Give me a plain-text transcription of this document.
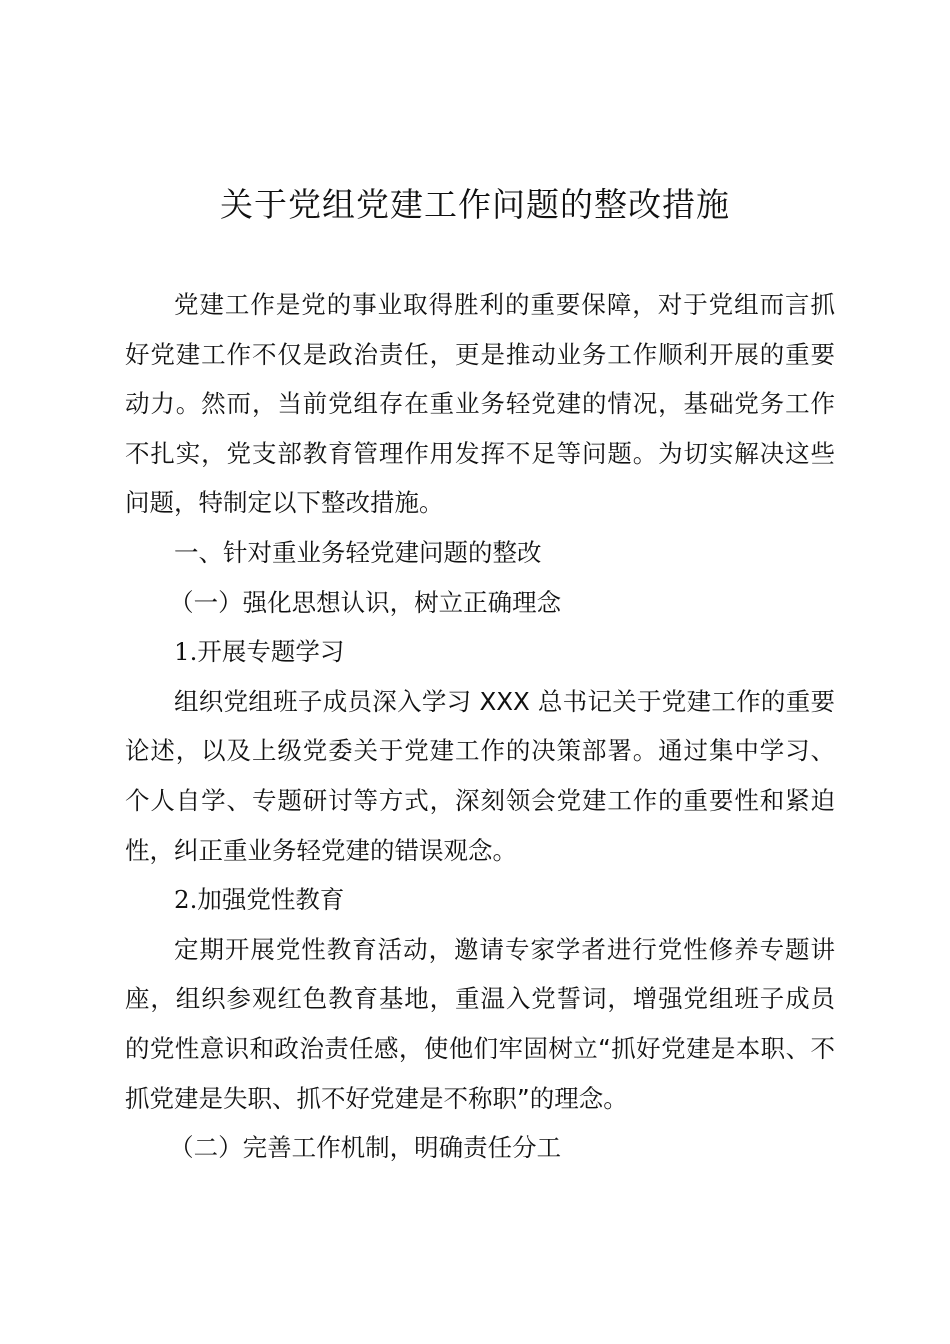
关于党组党建工作问题的整改措施

党建工作是党的事业取得胜利的重要保障，对于党组而言抓好党建工作不仅是政治责任，更是推动业务工作顺利开展的重要动力。然而，当前党组存在重业务轻党建的情况，基础党务工作不扎实，党支部教育管理作用发挥不足等问题。为切实解决这些问题，特制定以下整改措施。

一、针对重业务轻党建问题的整改

（一）强化思想认识，树立正确理念

1.开展专题学习

组织党组班子成员深入学习 XXX 总书记关于党建工作的重要论述，以及上级党委关于党建工作的决策部署。通过集中学习、个人自学、专题研讨等方式，深刻领会党建工作的重要性和紧迫性，纠正重业务轻党建的错误观念。

2.加强党性教育

定期开展党性教育活动，邀请专家学者进行党性修养专题讲座，组织参观红色教育基地，重温入党誓词，增强党组班子成员的党性意识和政治责任感，使他们牢固树立“抓好党建是本职、不抓党建是失职、抓不好党建是不称职”的理念。

（二）完善工作机制，明确责任分工
